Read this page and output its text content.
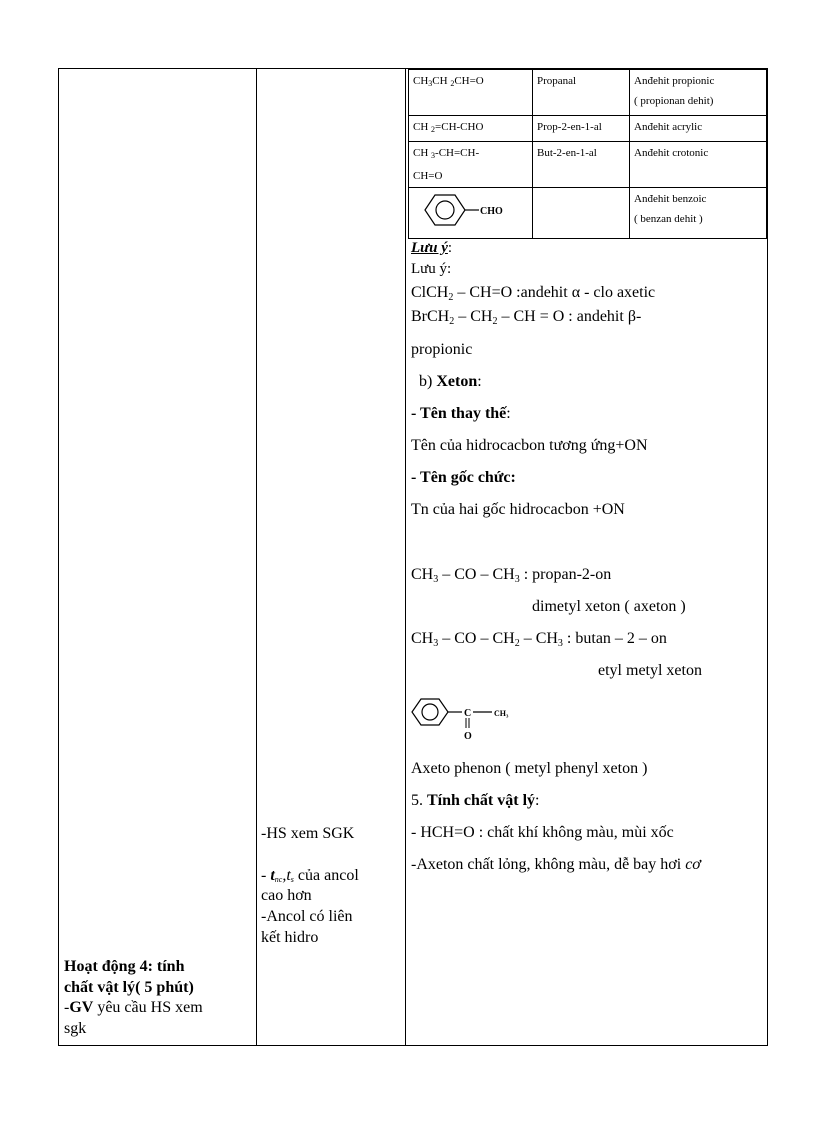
CH3CH 2CH=O	Propanal	Anđehit propionic
( propionan dehit)
CH 2=CH-CHO	Prop-2-en-1-al	Anđehit acrylic
CH 3-CH=CH-
CH=O	But-2-en-1-al	Anđehit crotonic

CHO		Anđehit benzoic
( benzan dehit )
Lưu ý:
Lưu ý:
ClCH$_2$ – CH=O :andehit α - clo axetic
BrCH$_2$ – $CH_2$ – CH = O : andehit β-
propionic
b) Xeton:
- Tên thay thế:
Tên của hidrocacbon tương ứng+ON
- Tên gốc chức:
Tn của hai gốc hidrocacbon +ON
$CH_3$ – CO – $CH_3$ : propan-2-on
dimetyl xeton ( axeton )
$CH_3$ – CO – $CH_2 - CH_3$ : butan – 2 – on
etyl metyl xeton
C	CH₃
O
Axeto phenon ( metyl phenyl xeton )
5. Tính chất vật lý:
- HCH=O : chất khí không màu, mùi xốc
-Axeton chất lỏng, không màu, dễ bay hơi cơ
-HS xem SGK
- tnc,ts của ancol
cao hơn
-Ancol có liên
kết hidro
Hoạt động 4: tính
chất vật lý( 5 phút)
-GV yêu cầu HS xem
sgk
